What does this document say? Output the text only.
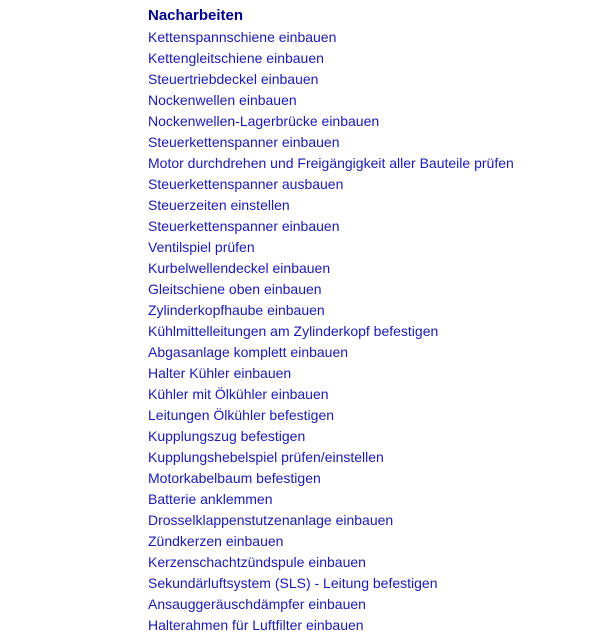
Nacharbeiten
Kettenspannschiene einbauen
Kettengleitschiene einbauen
Steuertriebdeckel einbauen
Nockenwellen einbauen
Nockenwellen-Lagerbrücke einbauen
Steuerkettenspanner einbauen
Motor durchdrehen und Freigängigkeit aller Bauteile prüfen
Steuerkettenspanner ausbauen
Steuerzeiten einstellen
Steuerkettenspanner einbauen
Ventilspiel prüfen
Kurbelwellendeckel einbauen
Gleitschiene oben einbauen
Zylinderkopfhaube einbauen
Kühlmittelleitungen am Zylinderkopf befestigen
Abgasanlage komplett einbauen
Halter Kühler einbauen
Kühler mit Ölkühler einbauen
Leitungen Ölkühler befestigen
Kupplungszug befestigen
Kupplungshebelspiel prüfen/einstellen
Motorkabelbaum befestigen
Batterie anklemmen
Drosselklappenstutzenanlage einbauen
Zündkerzen einbauen
Kerzenschachtzündspule einbauen
Sekundärluftsystem (SLS) - Leitung befestigen
Ansauggeräuschdämpfer einbauen
Halterahmen für Luftfilter einbauen
